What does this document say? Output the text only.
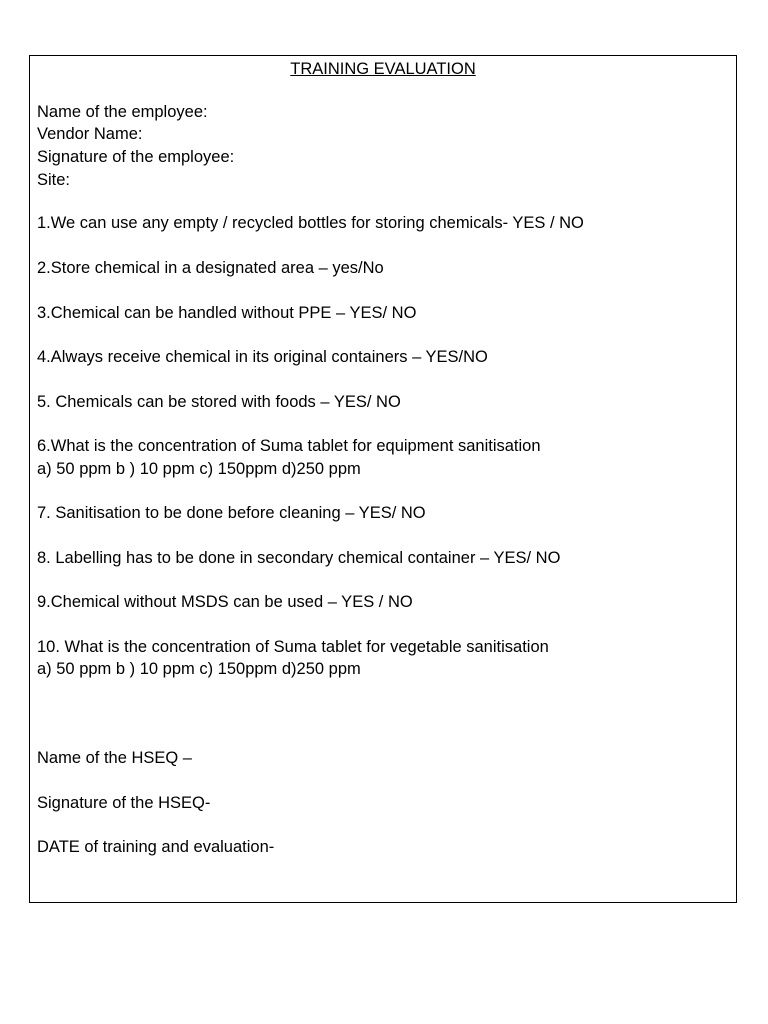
TRAINING EVALUATION
Name of the employee:
Vendor Name:
Signature of the employee:
Site:
1.We can use any empty / recycled bottles for storing chemicals- YES / NO
2.Store chemical in a designated area – yes/No
3.Chemical can be handled without PPE – YES/ NO
4.Always receive chemical in its original containers – YES/NO
5. Chemicals can be stored with foods – YES/ NO
6.What is the concentration of Suma tablet for equipment sanitisation
a) 50 ppm b ) 10 ppm c) 150ppm d)250 ppm
7. Sanitisation to be done before cleaning – YES/ NO
8. Labelling has to be done in secondary chemical container – YES/ NO
9.Chemical without MSDS can be used – YES / NO
10. What is the concentration of Suma tablet for vegetable sanitisation
a) 50 ppm b ) 10 ppm c) 150ppm d)250 ppm
Name of the HSEQ –
Signature of the HSEQ-
DATE of training and evaluation-
